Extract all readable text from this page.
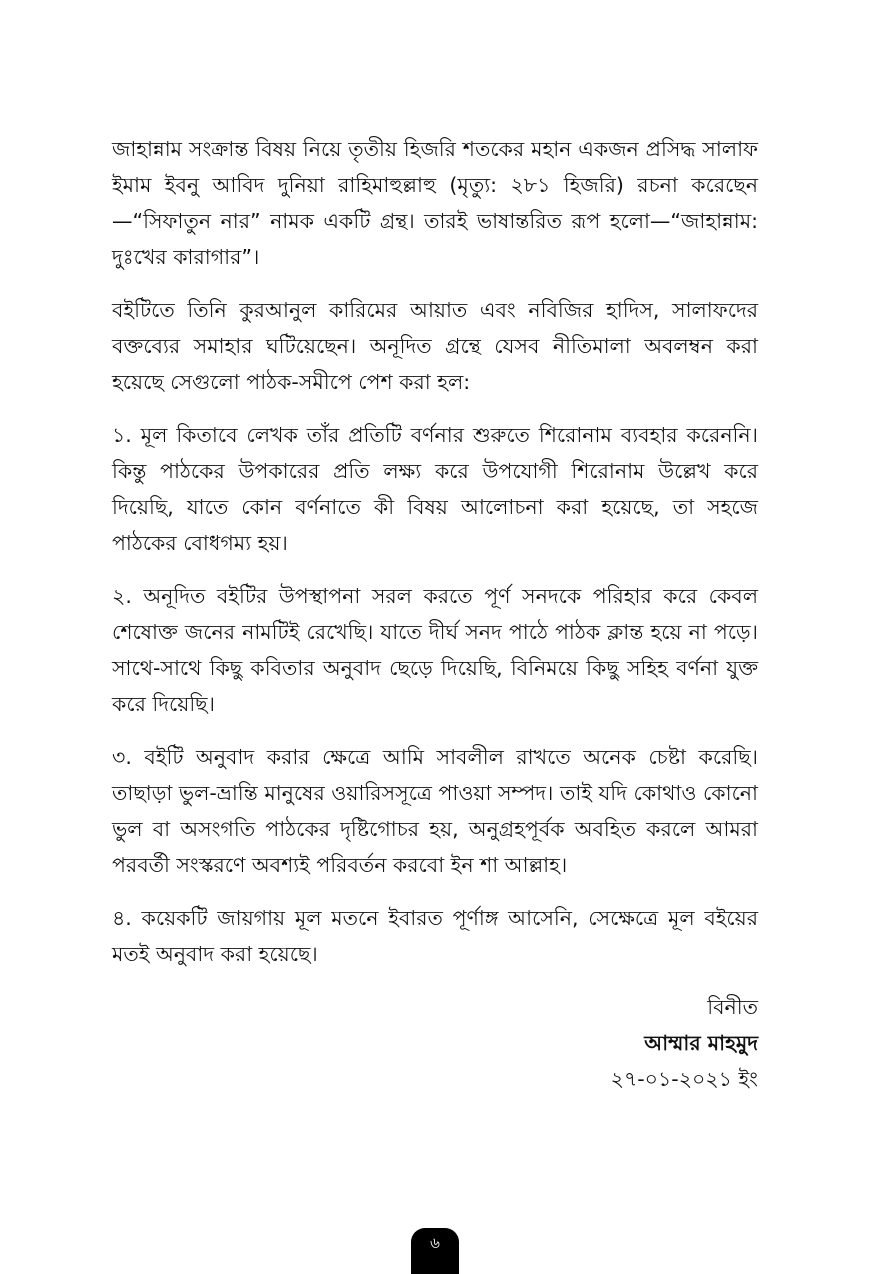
জাহান্নাম সংক্রান্ত বিষয় নিয়ে তৃতীয় হিজরি শতকের মহান একজন প্রসিদ্ধ সালাফ ইমাম ইবনু আবিদ দুনিয়া রাহিমাহুল্লাহু (মৃত্যু: ২৮১ হিজরি) রচনা করেছেন—“সিফাতুন নার” নামক একটি গ্রন্থ। তারই ভাষান্তরিত রূপ হলো—“জাহান্নাম: দুঃখের কারাগার”।

বইটিতে তিনি কুরআনুল কারিমের আয়াত এবং নবিজির হাদিস, সালাফদের বক্তব্যের সমাহার ঘটিয়েছেন। অনূদিত গ্রন্থে যেসব নীতিমালা অবলম্বন করা হয়েছে সেগুলো পাঠক-সমীপে পেশ করা হল:

১. মূল কিতাবে লেখক তাঁর প্রতিটি বর্ণনার শুরুতে শিরোনাম ব্যবহার করেননি। কিন্তু পাঠকের উপকারের প্রতি লক্ষ্য করে উপযোগী শিরোনাম উল্লেখ করে দিয়েছি, যাতে কোন বর্ণনাতে কী বিষয় আলোচনা করা হয়েছে, তা সহজে পাঠকের বোধগম্য হয়।

২. অনূদিত বইটির উপস্থাপনা সরল করতে পূর্ণ সনদকে পরিহার করে কেবল শেষোক্ত জনের নামটিই রেখেছি। যাতে দীর্ঘ সনদ পাঠে পাঠক ক্লান্ত হয়ে না পড়ে। সাথে-সাথে কিছু কবিতার অনুবাদ ছেড়ে দিয়েছি, বিনিময়ে কিছু সহিহ বর্ণনা যুক্ত করে দিয়েছি।

৩. বইটি অনুবাদ করার ক্ষেত্রে আমি সাবলীল রাখতে অনেক চেষ্টা করেছি। তাছাড়া ভুল-ভ্রান্তি মানুষের ওয়ারিসসূত্রে পাওয়া সম্পদ। তাই যদি কোথাও কোনো ভুল বা অসংগতি পাঠকের দৃষ্টিগোচর হয়, অনুগ্রহপূর্বক অবহিত করলে আমরা পরবর্তী সংস্করণে অবশ্যই পরিবর্তন করবো ইন শা আল্লাহ।

৪. কয়েকটি জায়গায় মূল মতনে ইবারত পূর্ণাঙ্গ আসেনি, সেক্ষেত্রে মূল বইয়ের মতই অনুবাদ করা হয়েছে।

বিনীত
আম্মার মাহমুদ
২৭-০১-২০২১ ইং
৬
